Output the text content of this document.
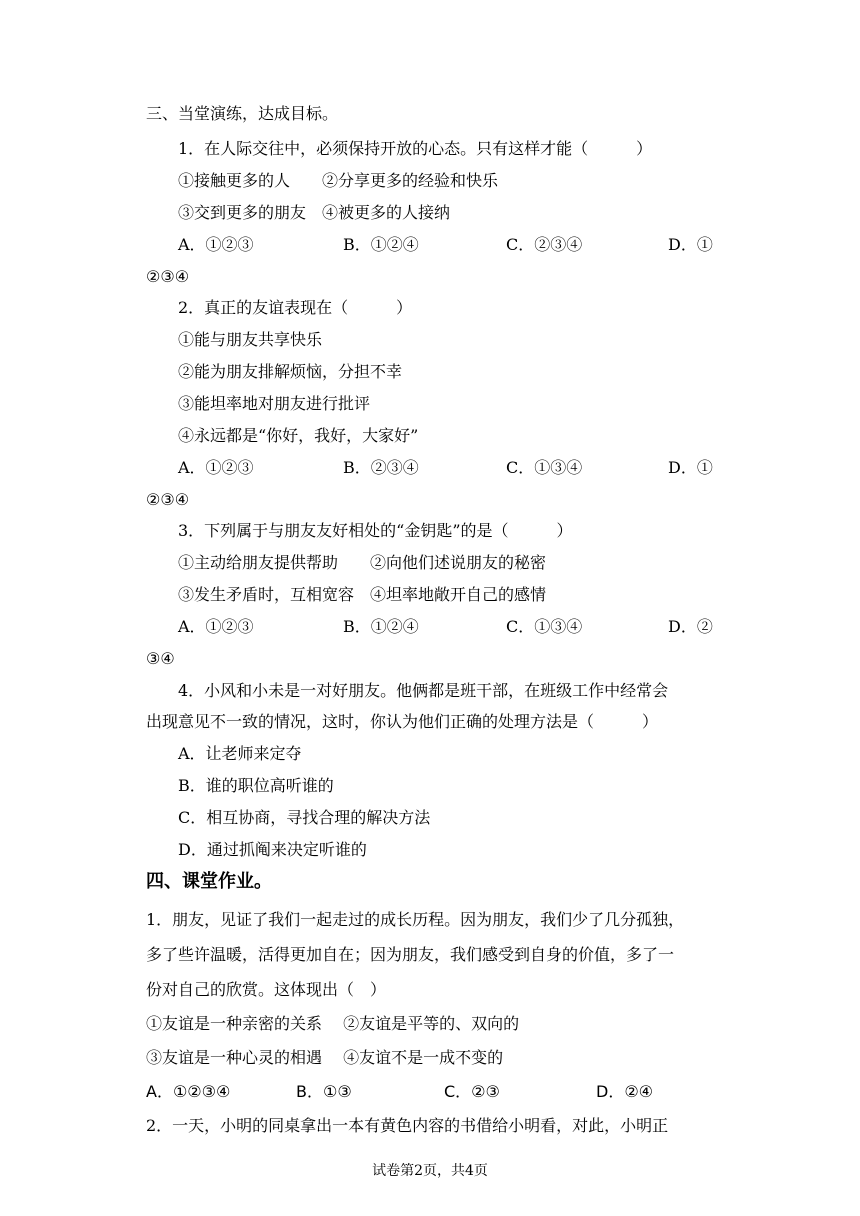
三、当堂演练，达成目标。
1．在人际交往中，必须保持开放的心态。只有这样才能（　　　）
①接触更多的人　　②分享更多的经验和快乐
③交到更多的朋友　④被更多的人接纳
A．①②③	B．①②④	C．②③④	D．①
②③④
2．真正的友谊表现在（　　　）
①能与朋友共享快乐
②能为朋友排解烦恼，分担不幸
③能坦率地对朋友进行批评
④永远都是“你好，我好，大家好”
A．①②③	B．②③④	C．①③④	D．①
②③④
3．下列属于与朋友友好相处的“金钥匙”的是（　　　）
①主动给朋友提供帮助　　②向他们述说朋友的秘密
③发生矛盾时，互相宽容　④坦率地敞开自己的感情
A．①②③	B．①②④	C．①③④	D．②
③④
4．小风和小未是一对好朋友。他俩都是班干部，在班级工作中经常会
出现意见不一致的情况，这时，你认为他们正确的处理方法是（　　　）
A．让老师来定夺
B．谁的职位高听谁的
C．相互协商，寻找合理的解决方法
D．通过抓阄来决定听谁的
四、课堂作业。
1．朋友，见证了我们一起走过的成长历程。因为朋友，我们少了几分孤独，
多了些许温暖，活得更加自在；因为朋友，我们感受到自身的价值，多了一
份对自己的欣赏。这体现出（　）
①友谊是一种亲密的关系　 ②友谊是平等的、双向的
③友谊是一种心灵的相遇　 ④友谊不是一成不变的
A．①②③④	B．①③	C．②③	D．②④
2．一天，小明的同桌拿出一本有黄色内容的书借给小明看，对此，小明正
试卷第2页，共4页
